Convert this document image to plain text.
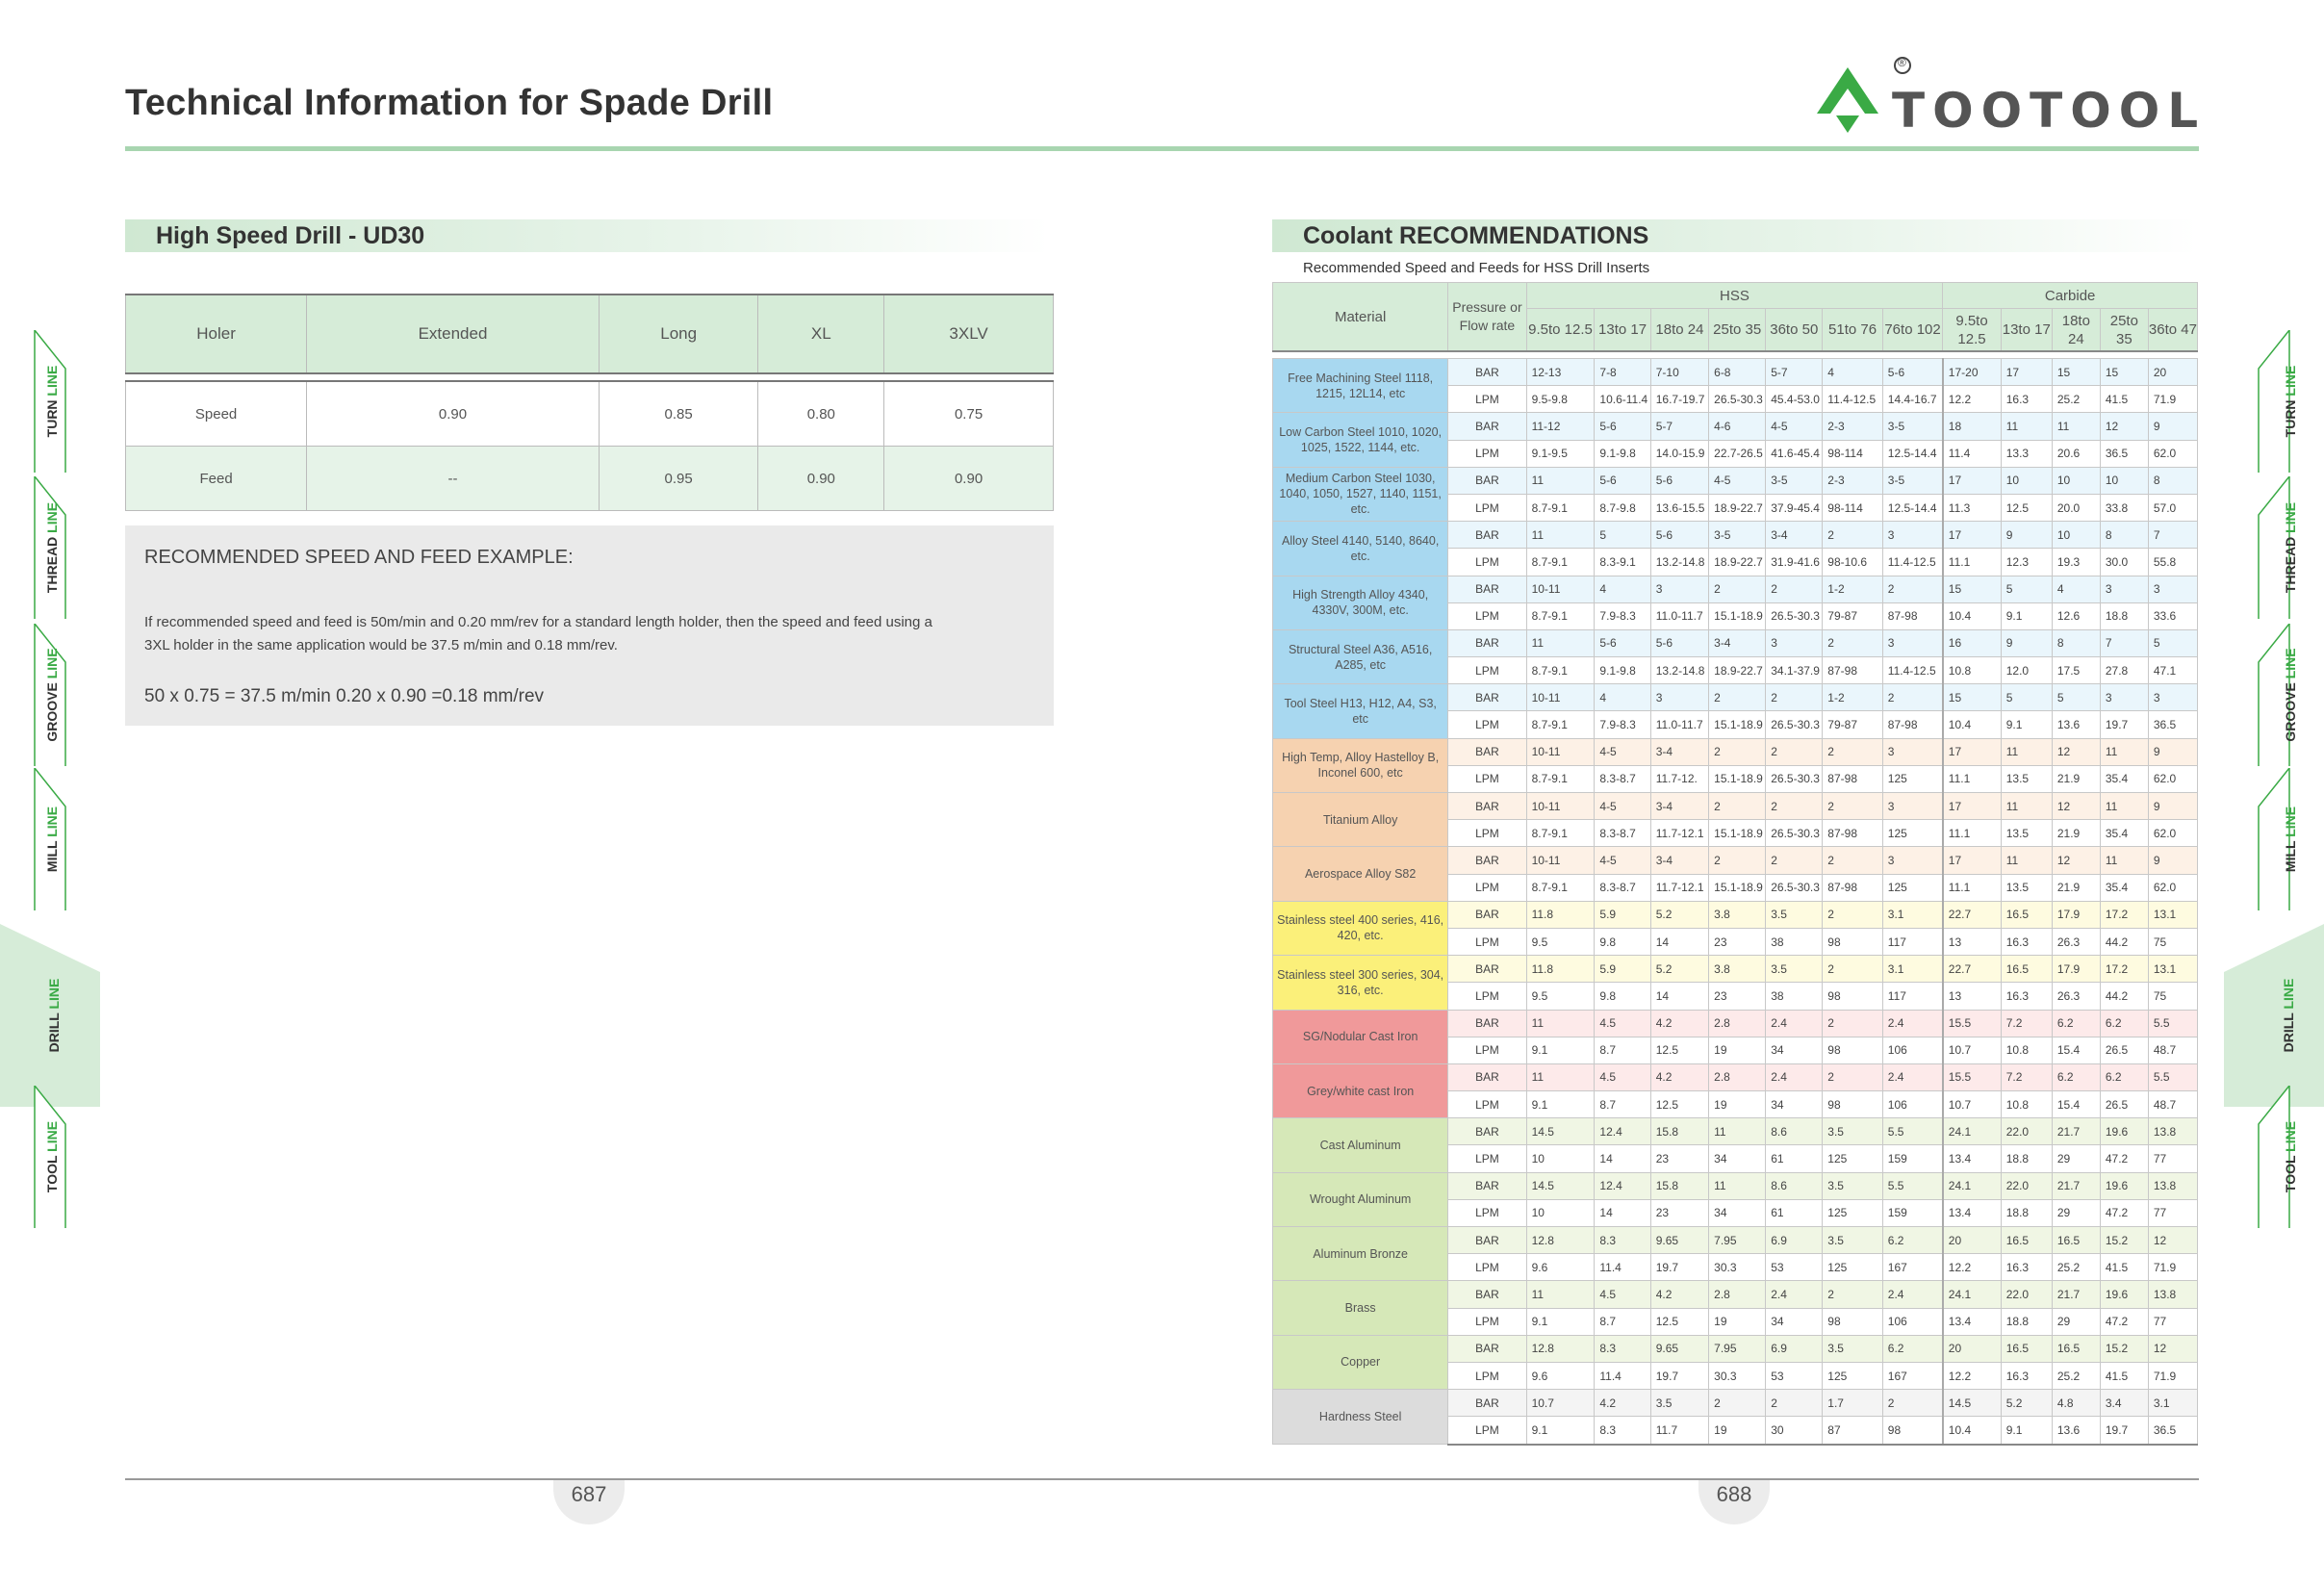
Technical Information for Spade Drill
®
TOOTOOL
High Speed Drill - UD30
Holer	Extended	Long	XL	3XLV

Speed	0.90	0.85	0.80	0.75
Feed	--	0.95	0.90	0.90
RECOMMENDED SPEED AND FEED EXAMPLE:
If recommended speed and feed is 50m/min and 0.20 mm/rev for a standard length holder, then the speed and feed using a 3XL holder in the same application would be 37.5 m/min and 0.18 mm/rev.
50 x 0.75 = 37.5 m/min 0.20 x 0.90 =0.18 mm/rev
Coolant RECOMMENDATIONS
Recommended Speed and Feeds for HSS Drill Inserts
Material	Pressure or Flow rate	HSS							Carbide				
		9.5to 12.5	13to 17	18to 24	25to 35	36to 50	51to 76	76to 102	9.5to 12.5	13to 17	18to 24	25to 35	36to 47

Free Machining Steel 1118, 1215, 12L14, etc	BAR	12-13	7-8	7-10	6-8	5-7	4	5-6	17-20	17	15	15	20
	LPM	9.5-9.8	10.6-11.4	16.7-19.7	26.5-30.3	45.4-53.0	11.4-12.5	14.4-16.7	12.2	16.3	25.2	41.5	71.9
Low Carbon Steel 1010, 1020, 1025, 1522, 1144, etc.	BAR	11-12	5-6	5-7	4-6	4-5	2-3	3-5	18	11	11	12	9
	LPM	9.1-9.5	9.1-9.8	14.0-15.9	22.7-26.5	41.6-45.4	98-114	12.5-14.4	11.4	13.3	20.6	36.5	62.0
Medium Carbon Steel 1030, 1040, 1050, 1527, 1140, 1151, etc.	BAR	11	5-6	5-6	4-5	3-5	2-3	3-5	17	10	10	10	8
	LPM	8.7-9.1	8.7-9.8	13.6-15.5	18.9-22.7	37.9-45.4	98-114	12.5-14.4	11.3	12.5	20.0	33.8	57.0
Alloy Steel 4140, 5140, 8640, etc.	BAR	11	5	5-6	3-5	3-4	2	3	17	9	10	8	7
	LPM	8.7-9.1	8.3-9.1	13.2-14.8	18.9-22.7	31.9-41.6	98-10.6	11.4-12.5	11.1	12.3	19.3	30.0	55.8
High Strength Alloy 4340, 4330V, 300M, etc.	BAR	10-11	4	3	2	2	1-2	2	15	5	4	3	3
	LPM	8.7-9.1	7.9-8.3	11.0-11.7	15.1-18.9	26.5-30.3	79-87	87-98	10.4	9.1	12.6	18.8	33.6
Structural Steel A36, A516, A285, etc	BAR	11	5-6	5-6	3-4	3	2	3	16	9	8	7	5
	LPM	8.7-9.1	9.1-9.8	13.2-14.8	18.9-22.7	34.1-37.9	87-98	11.4-12.5	10.8	12.0	17.5	27.8	47.1
Tool Steel H13, H12, A4, S3, etc	BAR	10-11	4	3	2	2	1-2	2	15	5	5	3	3
	LPM	8.7-9.1	7.9-8.3	11.0-11.7	15.1-18.9	26.5-30.3	79-87	87-98	10.4	9.1	13.6	19.7	36.5
High Temp, Alloy Hastelloy B, Inconel 600, etc	BAR	10-11	4-5	3-4	2	2	2	3	17	11	12	11	9
	LPM	8.7-9.1	8.3-8.7	11.7-12.	15.1-18.9	26.5-30.3	87-98	125	11.1	13.5	21.9	35.4	62.0
Titanium Alloy	BAR	10-11	4-5	3-4	2	2	2	3	17	11	12	11	9
	LPM	8.7-9.1	8.3-8.7	11.7-12.1	15.1-18.9	26.5-30.3	87-98	125	11.1	13.5	21.9	35.4	62.0
Aerospace Alloy S82	BAR	10-11	4-5	3-4	2	2	2	3	17	11	12	11	9
	LPM	8.7-9.1	8.3-8.7	11.7-12.1	15.1-18.9	26.5-30.3	87-98	125	11.1	13.5	21.9	35.4	62.0
Stainless steel 400 series, 416, 420, etc.	BAR	11.8	5.9	5.2	3.8	3.5	2	3.1	22.7	16.5	17.9	17.2	13.1
	LPM	9.5	9.8	14	23	38	98	117	13	16.3	26.3	44.2	75
Stainless steel 300 series, 304, 316, etc.	BAR	11.8	5.9	5.2	3.8	3.5	2	3.1	22.7	16.5	17.9	17.2	13.1
	LPM	9.5	9.8	14	23	38	98	117	13	16.3	26.3	44.2	75
SG/Nodular Cast Iron	BAR	11	4.5	4.2	2.8	2.4	2	2.4	15.5	7.2	6.2	6.2	5.5
	LPM	9.1	8.7	12.5	19	34	98	106	10.7	10.8	15.4	26.5	48.7
Grey/white cast Iron	BAR	11	4.5	4.2	2.8	2.4	2	2.4	15.5	7.2	6.2	6.2	5.5
	LPM	9.1	8.7	12.5	19	34	98	106	10.7	10.8	15.4	26.5	48.7
Cast Aluminum	BAR	14.5	12.4	15.8	11	8.6	3.5	5.5	24.1	22.0	21.7	19.6	13.8
	LPM	10	14	23	34	61	125	159	13.4	18.8	29	47.2	77
Wrought Aluminum	BAR	14.5	12.4	15.8	11	8.6	3.5	5.5	24.1	22.0	21.7	19.6	13.8
	LPM	10	14	23	34	61	125	159	13.4	18.8	29	47.2	77
Aluminum Bronze	BAR	12.8	8.3	9.65	7.95	6.9	3.5	6.2	20	16.5	16.5	15.2	12
	LPM	9.6	11.4	19.7	30.3	53	125	167	12.2	16.3	25.2	41.5	71.9
Brass	BAR	11	4.5	4.2	2.8	2.4	2	2.4	24.1	22.0	21.7	19.6	13.8
	LPM	9.1	8.7	12.5	19	34	98	106	13.4	18.8	29	47.2	77
Copper	BAR	12.8	8.3	9.65	7.95	6.9	3.5	6.2	20	16.5	16.5	15.2	12
	LPM	9.6	11.4	19.7	30.3	53	125	167	12.2	16.3	25.2	41.5	71.9
Hardness Steel	BAR	10.7	4.2	3.5	2	2	1.7	2	14.5	5.2	4.8	3.4	3.1
	LPM	9.1	8.3	11.7	19	30	87	98	10.4	9.1	13.6	19.7	36.5
687	688
TURN LINE
THREAD LINE
GROOVE LINE
MILL LINE
DRILL LINE
TOOL LINE
TURN LINE
THREAD LINE
GROOVE LINE
MILL LINE
DRILL LINE
TOOL LINE
